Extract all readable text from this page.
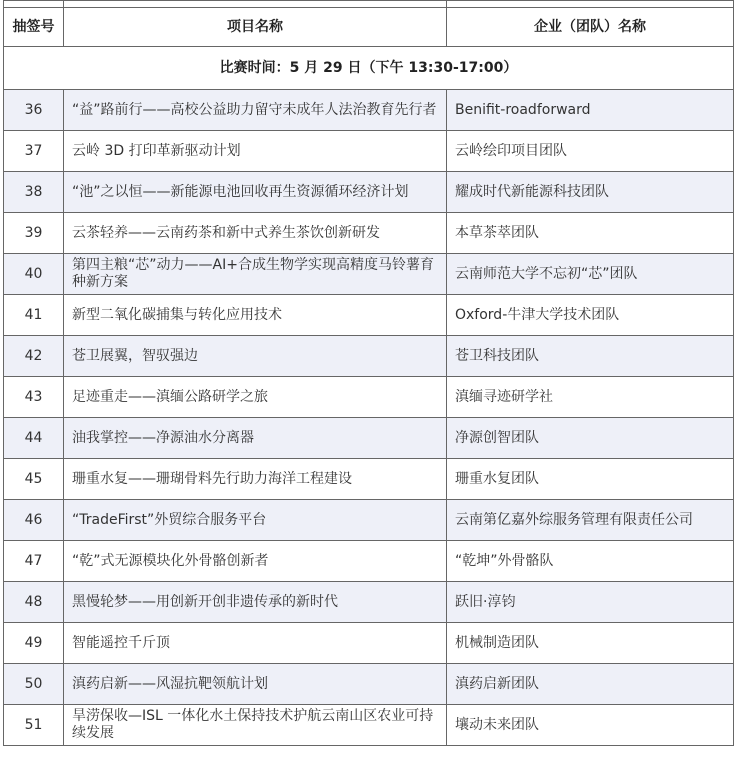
抽签号	项目名称	企业（团队）名称
比赛时间：5 月 29 日（下午 13:30-17:00）		
36	“益”路前行——高校公益助力留守未成年人法治教育先行者	Benifit-roadforward
37	云岭 3D 打印革新驱动计划	云岭绘印项目团队
38	“池”之以恒——新能源电池回收再生资源循环经济计划	耀成时代新能源科技团队
39	云茶轻养——云南药茶和新中式养生茶饮创新研发	本草茶萃团队
40	第四主粮“芯”动力——AI+合成生物学实现高精度马铃薯育种新方案	云南师范大学不忘初“芯”团队
41	新型二氧化碳捕集与转化应用技术	Oxford-牛津大学技术团队
42	苍卫展翼，智驭强边	苍卫科技团队
43	足迹重走——滇缅公路研学之旅	滇缅寻迹研学社
44	油我掌控——净源油水分离器	净源创智团队
45	珊重水复——珊瑚骨料先行助力海洋工程建设	珊重水复团队
46	“TradeFirst”外贸综合服务平台	云南第亿嘉外综服务管理有限责任公司
47	“乾”式无源模块化外骨骼创新者	“乾坤”外骨骼队
48	黑慢轮梦——用创新开创非遗传承的新时代	跃旧·淳钧
49	智能遥控千斤顶	机械制造团队
50	滇药启新——风湿抗靶领航计划	滇药启新团队
51	旱涝保收—ISL 一体化水土保持技术护航云南山区农业可持续发展	壤动未来团队
